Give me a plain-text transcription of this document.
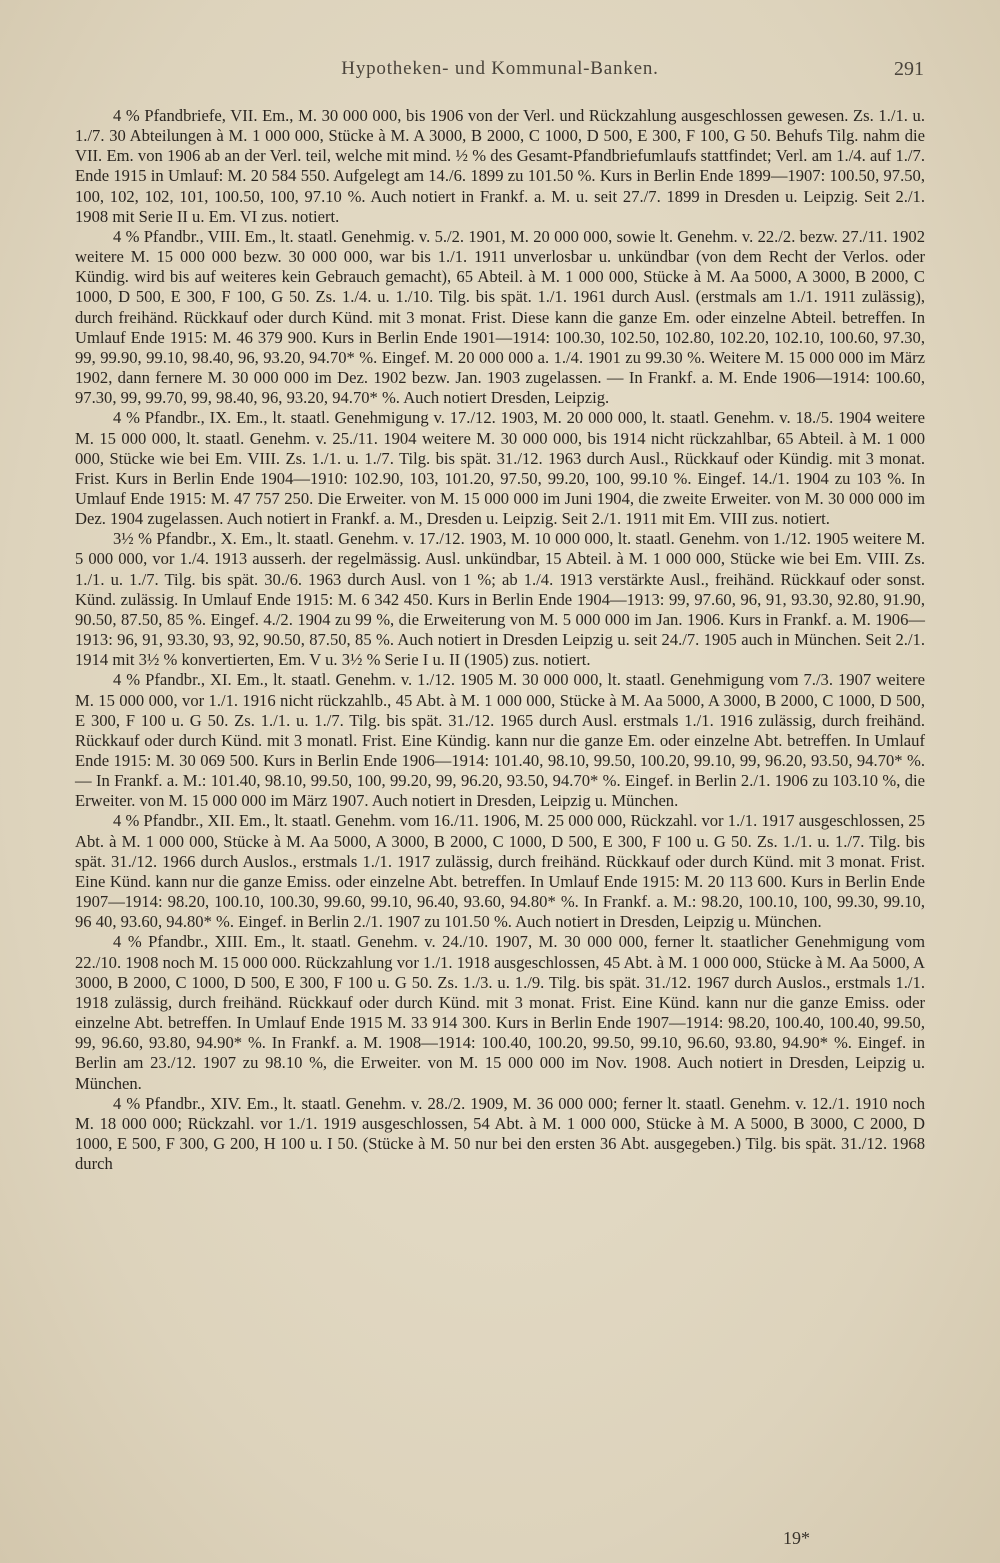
Hypotheken- und Kommunal-Banken.	291

4 % Pfandbriefe, VII. Em., M. 30 000 000, bis 1906 von der Verl. und Rückzahlung ausgeschlossen gewesen. Zs. 1./1. u. 1./7. 30 Abteilungen à M. 1 000 000, Stücke à M. A 3000, B 2000, C 1000, D 500, E 300, F 100, G 50. Behufs Tilg. nahm die VII. Em. von 1906 ab an der Verl. teil, welche mit mind. ½ % des Gesamt-Pfandbriefumlaufs stattfindet; Verl. am 1./4. auf 1./7. Ende 1915 in Umlauf: M. 20 584 550. Aufgelegt am 14./6. 1899 zu 101.50 %. Kurs in Berlin Ende 1899—1907: 100.50, 97.50, 100, 102, 102, 101, 100.50, 100, 97.10 %. Auch notiert in Frankf. a. M. u. seit 27./7. 1899 in Dresden u. Leipzig. Seit 2./1. 1908 mit Serie II u. Em. VI zus. notiert.

4 % Pfandbr., VIII. Em., lt. staatl. Genehmig. v. 5./2. 1901, M. 20 000 000, sowie lt. Genehm. v. 22./2. bezw. 27./11. 1902 weitere M. 15 000 000 bezw. 30 000 000, war bis 1./1. 1911 unverlosbar u. unkündbar (von dem Recht der Verlos. oder Kündig. wird bis auf weiteres kein Gebrauch gemacht), 65 Abteil. à M. 1 000 000, Stücke à M. Aa 5000, A 3000, B 2000, C 1000, D 500, E 300, F 100, G 50. Zs. 1./4. u. 1./10. Tilg. bis spät. 1./1. 1961 durch Ausl. (erstmals am 1./1. 1911 zulässig), durch freihänd. Rückkauf oder durch Künd. mit 3 monat. Frist. Diese kann die ganze Em. oder einzelne Abteil. betreffen. In Umlauf Ende 1915: M. 46 379 900. Kurs in Berlin Ende 1901—1914: 100.30, 102.50, 102.80, 102.20, 102.10, 100.60, 97.30, 99, 99.90, 99.10, 98.40, 96, 93.20, 94.70* %. Eingef. M. 20 000 000 a. 1./4. 1901 zu 99.30 %. Weitere M. 15 000 000 im März 1902, dann fernere M. 30 000 000 im Dez. 1902 bezw. Jan. 1903 zugelassen. — In Frankf. a. M. Ende 1906—1914: 100.60, 97.30, 99, 99.70, 99, 98.40, 96, 93.20, 94.70* %. Auch notiert Dresden, Leipzig.

4 % Pfandbr., IX. Em., lt. staatl. Genehmigung v. 17./12. 1903, M. 20 000 000, lt. staatl. Genehm. v. 18./5. 1904 weitere M. 15 000 000, lt. staatl. Genehm. v. 25./11. 1904 weitere M. 30 000 000, bis 1914 nicht rückzahlbar, 65 Abteil. à M. 1 000 000, Stücke wie bei Em. VIII. Zs. 1./1. u. 1./7. Tilg. bis spät. 31./12. 1963 durch Ausl., Rückkauf oder Kündig. mit 3 monat. Frist. Kurs in Berlin Ende 1904—1910: 102.90, 103, 101.20, 97.50, 99.20, 100, 99.10 %. Eingef. 14./1. 1904 zu 103 %. In Umlauf Ende 1915: M. 47 757 250. Die Erweiter. von M. 15 000 000 im Juni 1904, die zweite Erweiter. von M. 30 000 000 im Dez. 1904 zugelassen. Auch notiert in Frankf. a. M., Dresden u. Leipzig. Seit 2./1. 1911 mit Em. VIII zus. notiert.

3½ % Pfandbr., X. Em., lt. staatl. Genehm. v. 17./12. 1903, M. 10 000 000, lt. staatl. Genehm. von 1./12. 1905 weitere M. 5 000 000, vor 1./4. 1913 ausserh. der regelmässig. Ausl. unkündbar, 15 Abteil. à M. 1 000 000, Stücke wie bei Em. VIII. Zs. 1./1. u. 1./7. Tilg. bis spät. 30./6. 1963 durch Ausl. von 1 %; ab 1./4. 1913 verstärkte Ausl., freihänd. Rückkauf oder sonst. Künd. zulässig. In Umlauf Ende 1915: M. 6 342 450. Kurs in Berlin Ende 1904—1913: 99, 97.60, 96, 91, 93.30, 92.80, 91.90, 90.50, 87.50, 85 %. Eingef. 4./2. 1904 zu 99 %, die Erweiterung von M. 5 000 000 im Jan. 1906. Kurs in Frankf. a. M. 1906—1913: 96, 91, 93.30, 93, 92, 90.50, 87.50, 85 %. Auch notiert in Dresden Leipzig u. seit 24./7. 1905 auch in München. Seit 2./1. 1914 mit 3½ % konvertierten, Em. V u. 3½ % Serie I u. II (1905) zus. notiert.

4 % Pfandbr., XI. Em., lt. staatl. Genehm. v. 1./12. 1905 M. 30 000 000, lt. staatl. Genehmigung vom 7./3. 1907 weitere M. 15 000 000, vor 1./1. 1916 nicht rückzahlb., 45 Abt. à M. 1 000 000, Stücke à M. Aa 5000, A 3000, B 2000, C 1000, D 500, E 300, F 100 u. G 50. Zs. 1./1. u. 1./7. Tilg. bis spät. 31./12. 1965 durch Ausl. erstmals 1./1. 1916 zulässig, durch freihänd. Rückkauf oder durch Künd. mit 3 monatl. Frist. Eine Kündig. kann nur die ganze Em. oder einzelne Abt. betreffen. In Umlauf Ende 1915: M. 30 069 500. Kurs in Berlin Ende 1906—1914: 101.40, 98.10, 99.50, 100.20, 99.10, 99, 96.20, 93.50, 94.70* %. — In Frankf. a. M.: 101.40, 98.10, 99.50, 100, 99.20, 99, 96.20, 93.50, 94.70* %. Eingef. in Berlin 2./1. 1906 zu 103.10 %, die Erweiter. von M. 15 000 000 im März 1907. Auch notiert in Dresden, Leipzig u. München.

4 % Pfandbr., XII. Em., lt. staatl. Genehm. vom 16./11. 1906, M. 25 000 000, Rückzahl. vor 1./1. 1917 ausgeschlossen, 25 Abt. à M. 1 000 000, Stücke à M. Aa 5000, A 3000, B 2000, C 1000, D 500, E 300, F 100 u. G 50. Zs. 1./1. u. 1./7. Tilg. bis spät. 31./12. 1966 durch Auslos., erstmals 1./1. 1917 zulässig, durch freihänd. Rückkauf oder durch Künd. mit 3 monat. Frist. Eine Künd. kann nur die ganze Emiss. oder einzelne Abt. betreffen. In Umlauf Ende 1915: M. 20 113 600. Kurs in Berlin Ende 1907—1914: 98.20, 100.10, 100.30, 99.60, 99.10, 96.40, 93.60, 94.80* %. In Frankf. a. M.: 98.20, 100.10, 100, 99.30, 99.10, 96 40, 93.60, 94.80* %. Eingef. in Berlin 2./1. 1907 zu 101.50 %. Auch notiert in Dresden, Leipzig u. München.

4 % Pfandbr., XIII. Em., lt. staatl. Genehm. v. 24./10. 1907, M. 30 000 000, ferner lt. staatlicher Genehmigung vom 22./10. 1908 noch M. 15 000 000. Rückzahlung vor 1./1. 1918 ausgeschlossen, 45 Abt. à M. 1 000 000, Stücke à M. Aa 5000, A 3000, B 2000, C 1000, D 500, E 300, F 100 u. G 50. Zs. 1./3. u. 1./9. Tilg. bis spät. 31./12. 1967 durch Auslos., erstmals 1./1. 1918 zulässig, durch freihänd. Rückkauf oder durch Künd. mit 3 monat. Frist. Eine Künd. kann nur die ganze Emiss. oder einzelne Abt. betreffen. In Umlauf Ende 1915 M. 33 914 300. Kurs in Berlin Ende 1907—1914: 98.20, 100.40, 100.40, 99.50, 99, 96.60, 93.80, 94.90* %. In Frankf. a. M. 1908—1914: 100.40, 100.20, 99.50, 99.10, 96.60, 93.80, 94.90* %. Eingef. in Berlin am 23./12. 1907 zu 98.10 %, die Erweiter. von M. 15 000 000 im Nov. 1908. Auch notiert in Dresden, Leipzig u. München.

4 % Pfandbr., XIV. Em., lt. staatl. Genehm. v. 28./2. 1909, M. 36 000 000; ferner lt. staatl. Genehm. v. 12./1. 1910 noch M. 18 000 000; Rückzahl. vor 1./1. 1919 ausgeschlossen, 54 Abt. à M. 1 000 000, Stücke à M. A 5000, B 3000, C 2000, D 1000, E 500, F 300, G 200, H 100 u. I 50. (Stücke à M. 50 nur bei den ersten 36 Abt. ausgegeben.) Tilg. bis spät. 31./12. 1968 durch

19*
